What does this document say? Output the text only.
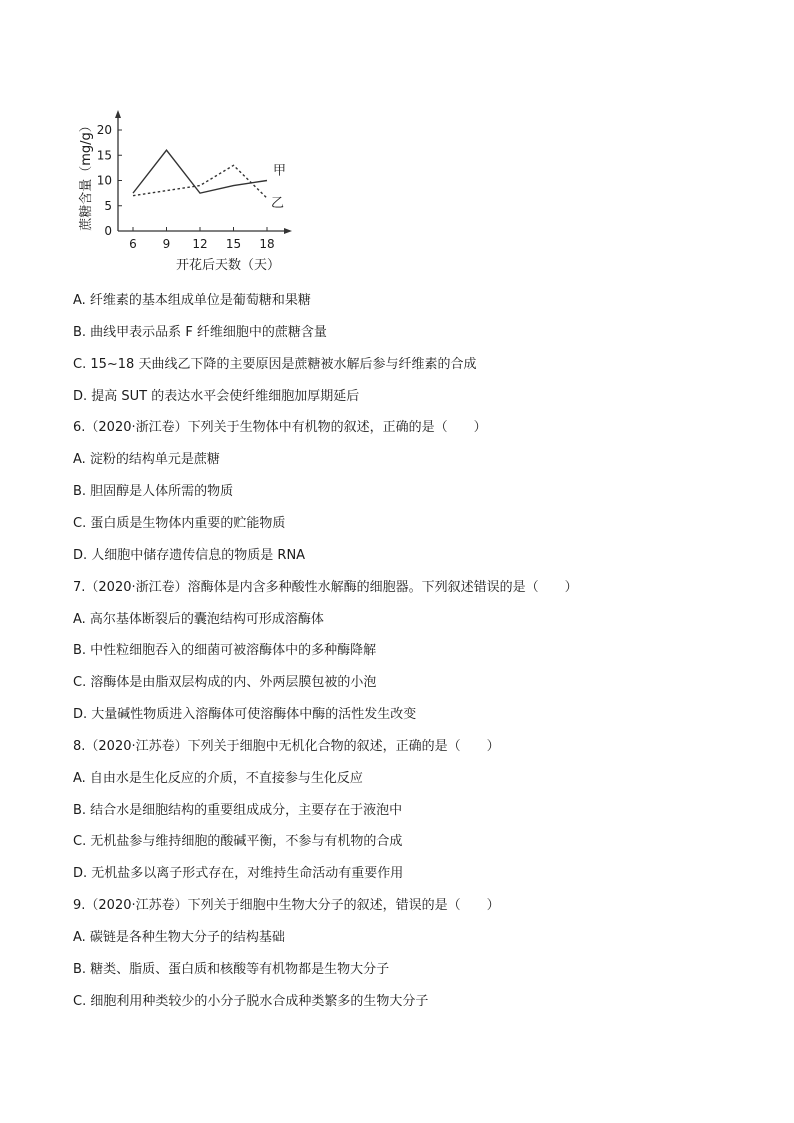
蔗糖含量（mg/g）
开花后天数（天）
0
5
10
15
20
6 9 12 15 18
甲
乙
A. 纤维素的基本组成单位是葡萄糖和果糖
B. 曲线甲表示品系 F 纤维细胞中的蔗糖含量
C. 15~18 天曲线乙下降的主要原因是蔗糖被水解后参与纤维素的合成
D. 提高 SUT 的表达水平会使纤维细胞加厚期延后
6.（2020·浙江卷）下列关于生物体中有机物的叙述，正确的是（　　）
A. 淀粉的结构单元是蔗糖
B. 胆固醇是人体所需的物质
C. 蛋白质是生物体内重要的贮能物质
D. 人细胞中储存遗传信息的物质是 RNA
7.（2020·浙江卷）溶酶体是内含多种酸性水解酶的细胞器。下列叙述错误的是（　　）
A. 高尔基体断裂后的囊泡结构可形成溶酶体
B. 中性粒细胞吞入的细菌可被溶酶体中的多种酶降解
C. 溶酶体是由脂双层构成的内、外两层膜包被的小泡
D. 大量碱性物质进入溶酶体可使溶酶体中酶的活性发生改变
8.（2020·江苏卷）下列关于细胞中无机化合物的叙述，正确的是（　　）
A. 自由水是生化反应的介质，不直接参与生化反应
B. 结合水是细胞结构的重要组成成分，主要存在于液泡中
C. 无机盐参与维持细胞的酸碱平衡，不参与有机物的合成
D. 无机盐多以离子形式存在，对维持生命活动有重要作用
9.（2020·江苏卷）下列关于细胞中生物大分子的叙述，错误的是（　　）
A. 碳链是各种生物大分子的结构基础
B. 糖类、脂质、蛋白质和核酸等有机物都是生物大分子
C. 细胞利用种类较少的小分子脱水合成种类繁多的生物大分子
